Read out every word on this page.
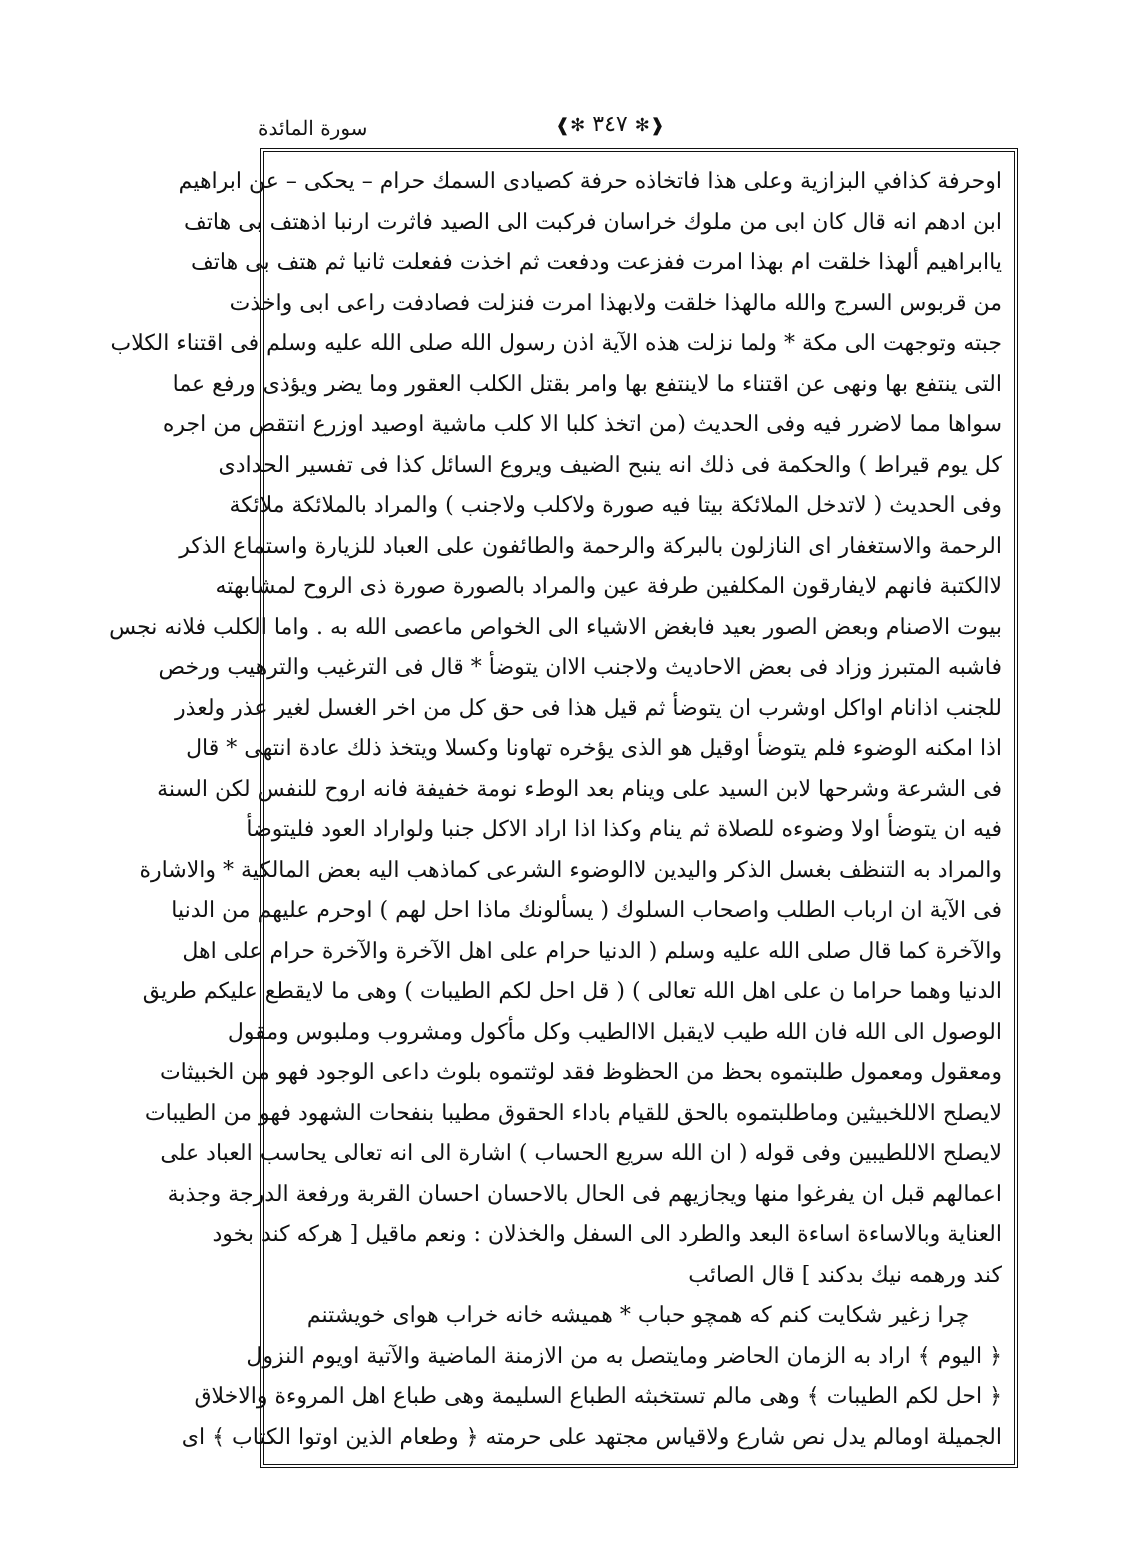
سورة المائدة	❰✻ ٣٤٧ ✻❱
اوحرفة كذافي البزازية وعلى هذا فاتخاذه حرفة كصيادى السمك حرام – يحكى – عن ابراهيم
ابن ادهم انه قال كان ابى من ملوك خراسان فركبت الى الصيد فاثرت ارنبا اذهتف بى هاتف
ياابراهيم ألهذا خلقت ام بهذا امرت ففزعت ودفعت ثم اخذت ففعلت ثانيا ثم هتف بى هاتف
من قربوس السرج والله مالهذا خلقت ولابهذا امرت فنزلت فصادفت راعى ابى واخذت
جبته وتوجهت الى مكة * ولما نزلت هذه الآية اذن رسول الله صلى الله عليه وسلم فى اقتناء الكلاب
التى ينتفع بها ونهى عن اقتناء ما لاينتفع بها وامر بقتل الكلب العقور وما يضر ويؤذى ورفع عما
سواها مما لاضرر فيه وفى الحديث (من اتخذ كلبا الا كلب ماشية اوصيد اوزرع انتقص من اجره
كل يوم قيراط ) والحكمة فى ذلك انه ينبح الضيف ويروع السائل كذا فى تفسير الحدادى
وفى الحديث ( لاتدخل الملائكة بيتا فيه صورة ولاكلب ولاجنب ) والمراد بالملائكة ملائكة
الرحمة والاستغفار اى النازلون بالبركة والرحمة والطائفون على العباد للزيارة واستماع الذكر
لاالكتبة فانهم لايفارقون المكلفين طرفة عين والمراد بالصورة صورة ذى الروح لمشابهته
بيوت الاصنام وبعض الصور بعيد فابغض الاشياء الى الخواص ماعصى الله به . واما الكلب فلانه نجس
فاشبه المتبرز وزاد فى بعض الاحاديث ولاجنب الاان يتوضأ * قال فى الترغيب والترهيب ورخص
للجنب اذانام اواكل اوشرب ان يتوضأ ثم قيل هذا فى حق كل من اخر الغسل لغير عذر ولعذر
اذا امكنه الوضوء فلم يتوضأ اوقيل هو الذى يؤخره تهاونا وكسلا ويتخذ ذلك عادة انتهى * قال
فى الشرعة وشرحها لابن السيد على وينام بعد الوطء نومة خفيفة فانه اروح للنفس لكن السنة
فيه ان يتوضأ اولا وضوءه للصلاة ثم ينام وكذا اذا اراد الاكل جنبا ولواراد العود فليتوضأ
والمراد به التنظف بغسل الذكر واليدين لاالوضوء الشرعى كماذهب اليه بعض المالكية * والاشارة
فى الآية ان ارباب الطلب واصحاب السلوك ( يسألونك ماذا احل لهم ) اوحرم عليهم من الدنيا
والآخرة كما قال صلى الله عليه وسلم ( الدنيا حرام على اهل الآخرة والآخرة حرام على اهل
الدنيا وهما حراما ن على اهل الله تعالى ) ( قل احل لكم الطيبات ) وهى ما لايقطع عليكم طريق
الوصول الى الله فان الله طيب لايقبل الاالطيب وكل مأكول ومشروب وملبوس ومقول
ومعقول ومعمول طلبتموه بحظ من الحظوظ فقد لوثتموه بلوث داعى الوجود فهو من الخبيثات
لايصلح الاللخبيثين وماطلبتموه بالحق للقيام باداء الحقوق مطيبا بنفحات الشهود فهو من الطيبات
لايصلح الاللطيبين وفى قوله ( ان الله سريع الحساب ) اشارة الى انه تعالى يحاسب العباد على
اعمالهم قبل ان يفرغوا منها ويجازيهم فى الحال بالاحسان احسان القربة ورفعة الدرجة وجذبة
العناية وبالاساءة اساءة البعد والطرد الى السفل والخذلان : ونعم ماقيل [ هركه كند بخود
كند ورهمه نيك بدكند ] قال الصائب
چرا زغير شكايت كنم كه همچو حباب * هميشه خانه خراب هواى خويشتنم
﴿ اليوم ﴾ اراد به الزمان الحاضر ومايتصل به من الازمنة الماضية والآتية اويوم النزول
﴿ احل لكم الطيبات ﴾ وهى مالم تستخبثه الطباع السليمة وهى طباع اهل المروءة والاخلاق
الجميلة اومالم يدل نص شارع ولاقياس مجتهد على حرمته ﴿ وطعام الذين اوتوا الكتاب ﴾ اى
